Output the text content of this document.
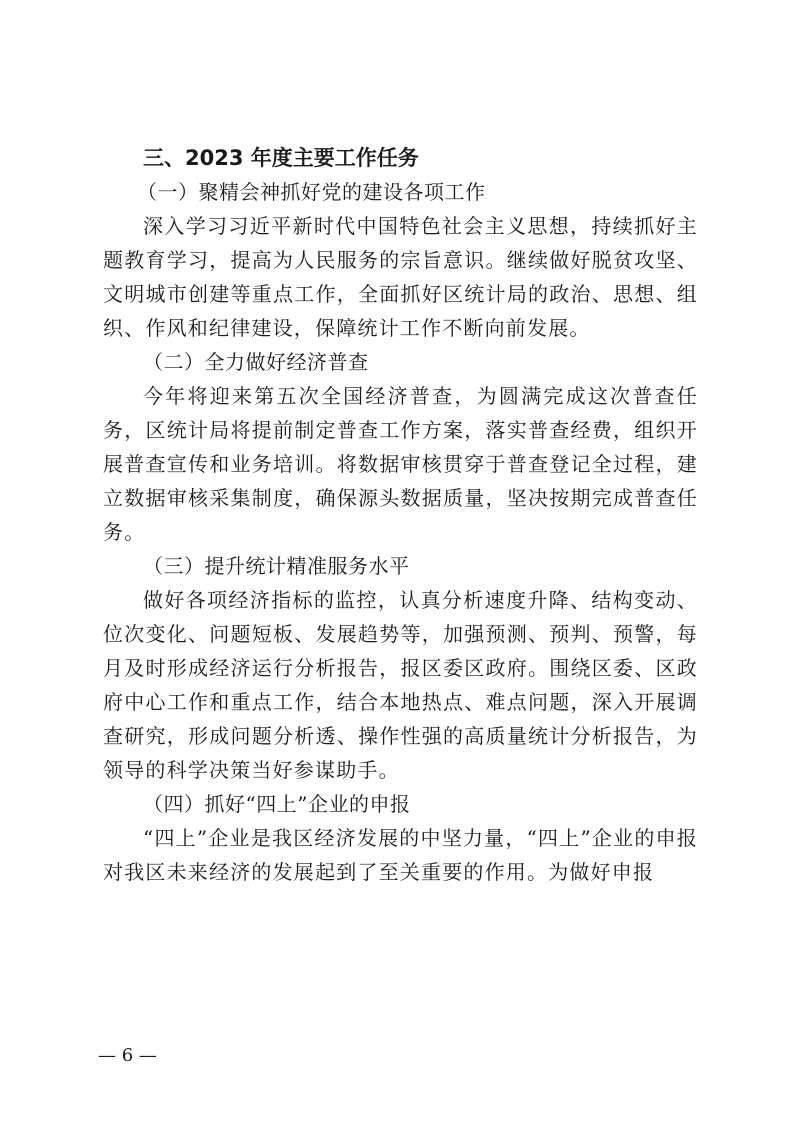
三、2023 年度主要工作任务

（一）聚精会神抓好党的建设各项工作

深入学习习近平新时代中国特色社会主义思想，持续抓好主题教育学习，提高为人民服务的宗旨意识。继续做好脱贫攻坚、文明城市创建等重点工作，全面抓好区统计局的政治、思想、组织、作风和纪律建设，保障统计工作不断向前发展。

（二）全力做好经济普查

今年将迎来第五次全国经济普查，为圆满完成这次普查任务，区统计局将提前制定普查工作方案，落实普查经费，组织开展普查宣传和业务培训。将数据审核贯穿于普查登记全过程，建立数据审核采集制度，确保源头数据质量，坚决按期完成普查任务。

（三）提升统计精准服务水平

做好各项经济指标的监控，认真分析速度升降、结构变动、位次变化、问题短板、发展趋势等，加强预测、预判、预警，每月及时形成经济运行分析报告，报区委区政府。围绕区委、区政府中心工作和重点工作，结合本地热点、难点问题，深入开展调查研究，形成问题分析透、操作性强的高质量统计分析报告，为领导的科学决策当好参谋助手。

（四）抓好“四上”企业的申报

“四上”企业是我区经济发展的中坚力量，“四上”企业的申报对我区未来经济的发展起到了至关重要的作用。为做好申报

— 6 —
